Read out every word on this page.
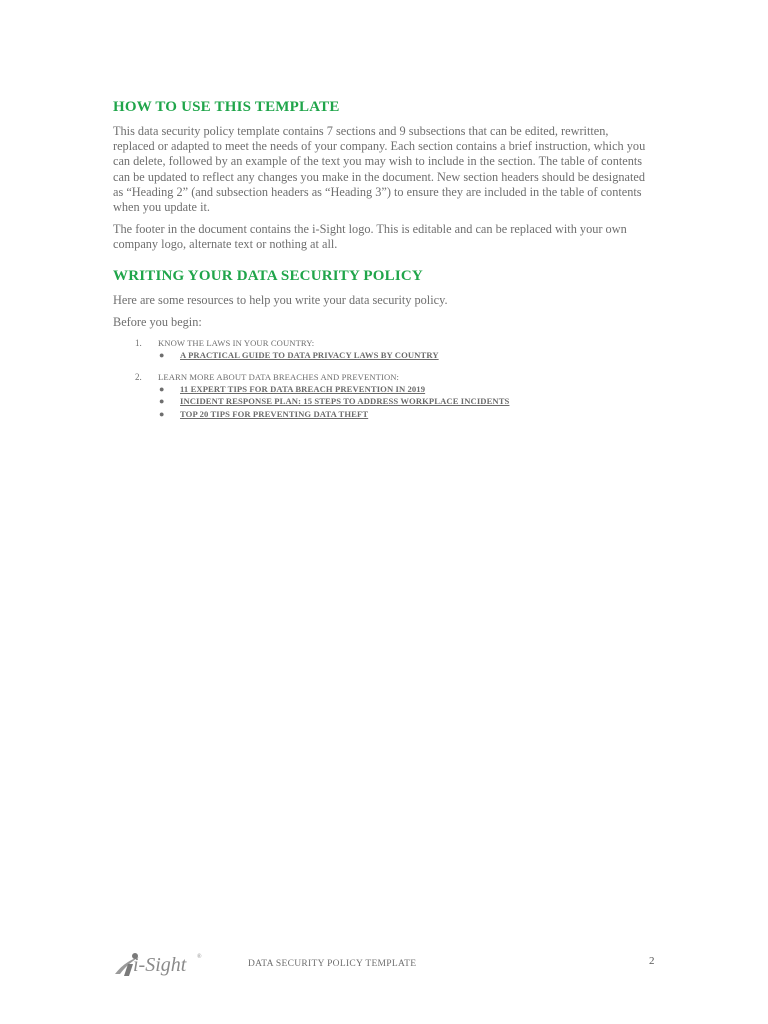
HOW TO USE THIS TEMPLATE

This data security policy template contains 7 sections and 9 subsections that can be edited, rewritten, replaced or adapted to meet the needs of your company. Each section contains a brief instruction, which you can delete, followed by an example of the text you may wish to include in the section. The table of contents can be updated to reflect any changes you make in the document. New section headers should be designated as “Heading 2” (and subsection headers as “Heading 3”) to ensure they are included in the table of contents when you update it.

The footer in the document contains the i-Sight logo. This is editable and can be replaced with your own company logo, alternate text or nothing at all.

WRITING YOUR DATA SECURITY POLICY

Here are some resources to help you write your data security policy.

Before you begin:

1. KNOW THE LAWS IN YOUR COUNTRY:
● A PRACTICAL GUIDE TO DATA PRIVACY LAWS BY COUNTRY
2. LEARN MORE ABOUT DATA BREACHES AND PREVENTION:
● 11 EXPERT TIPS FOR DATA BREACH PREVENTION IN 2019
● INCIDENT RESPONSE PLAN: 15 STEPS TO ADDRESS WORKPLACE INCIDENTS
● TOP 20 TIPS FOR PREVENTING DATA THEFT
i-Sight ®
DATA SECURITY POLICY TEMPLATE	2
